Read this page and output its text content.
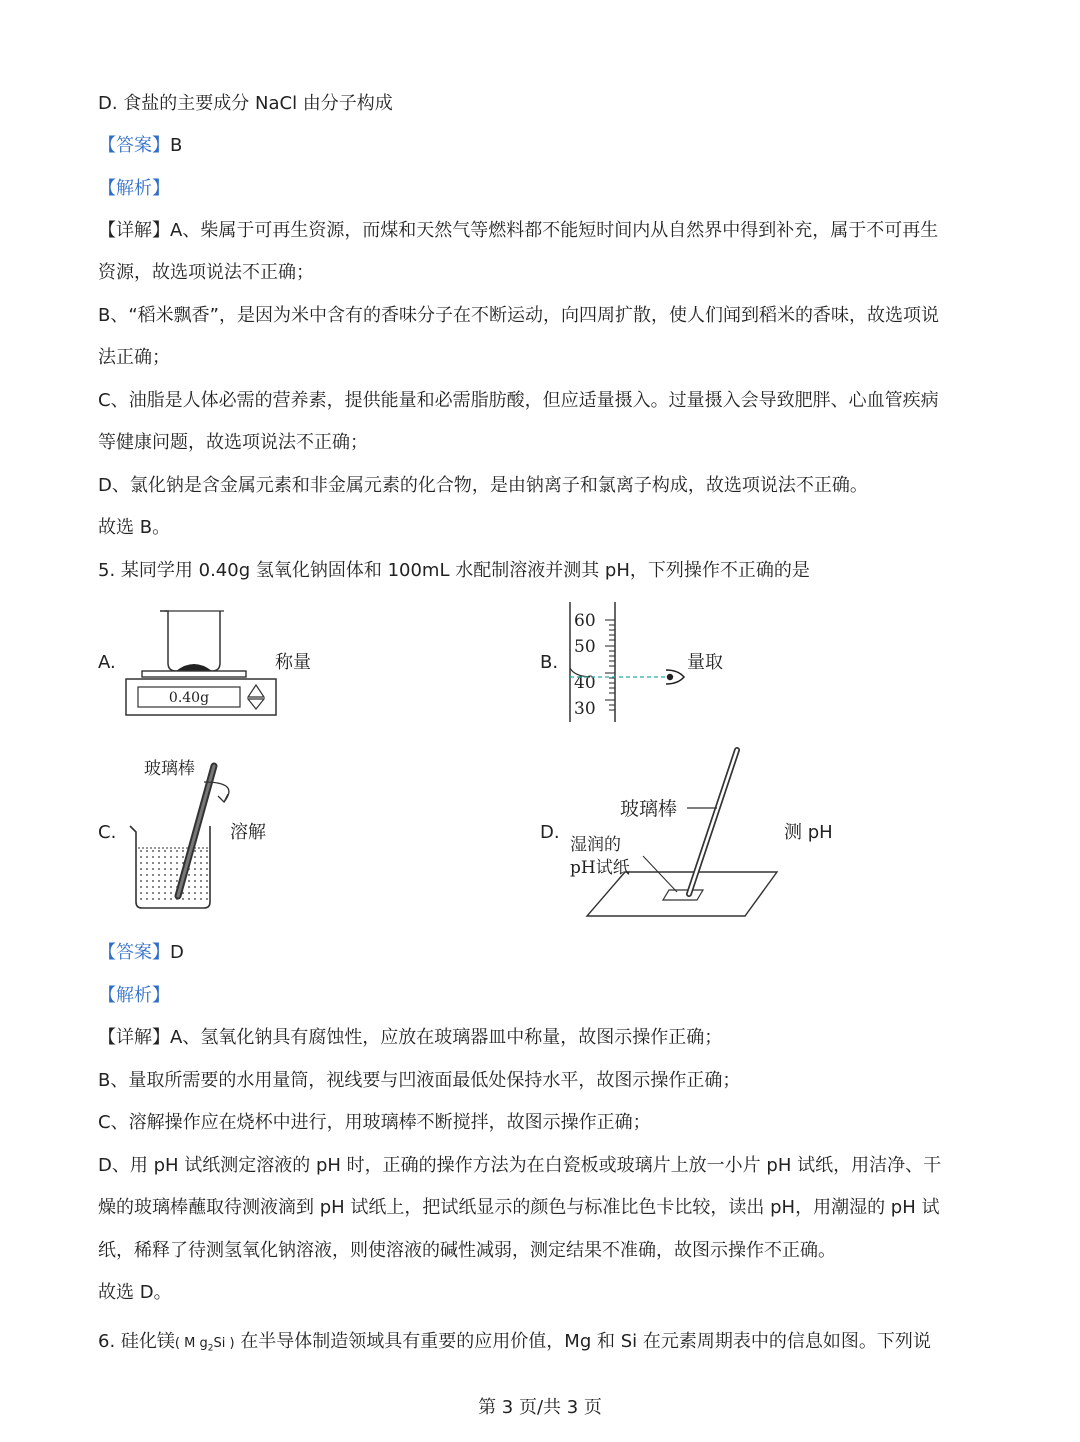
D. 食盐的主要成分 NaCl 由分子构成
【答案】B
【解析】
【详解】A、柴属于可再生资源，而煤和天然气等燃料都不能短时间内从自然界中得到补充，属于不可再生
资源，故选项说法不正确；
B、“稻米飘香”，是因为米中含有的香味分子在不断运动，向四周扩散，使人们闻到稻米的香味，故选项说
法正确；
C、油脂是人体必需的营养素，提供能量和必需脂肪酸，但应适量摄入。过量摄入会导致肥胖、心血管疾病
等健康问题，故选项说法不正确；
D、氯化钠是含金属元素和非金属元素的化合物，是由钠离子和氯离子构成，故选项说法不正确。
故选 B。
5. 某同学用 0.40g 氢氧化钠固体和 100mL 水配制溶液并测其 pH，下列操作不正确的是
A.
0.40g
称量	B.
60
50
40
30
量取
C.
玻璃棒
溶解	D.
玻璃棒
湿润的
pH试纸
测 pH
【答案】D
【解析】
【详解】A、氢氧化钠具有腐蚀性，应放在玻璃器皿中称量，故图示操作正确；
B、量取所需要的水用量筒，视线要与凹液面最低处保持水平，故图示操作正确；
C、溶解操作应在烧杯中进行，用玻璃棒不断搅拌，故图示操作正确；
D、用 pH 试纸测定溶液的 pH 时，正确的操作方法为在白瓷板或玻璃片上放一小片 pH 试纸，用洁净、干
燥的玻璃棒蘸取待测液滴到 pH 试纸上，把试纸显示的颜色与标准比色卡比较，读出 pH，用潮湿的 pH 试
纸，稀释了待测氢氧化钠溶液，则使溶液的碱性减弱，测定结果不准确，故图示操作不正确。
故选 D。
6. 硅化镁( M $g_2Si$ ) 在半导体制造领域具有重要的应用价值，Mg 和 Si 在元素周期表中的信息如图。下列说
第 3 页/共 3 页
